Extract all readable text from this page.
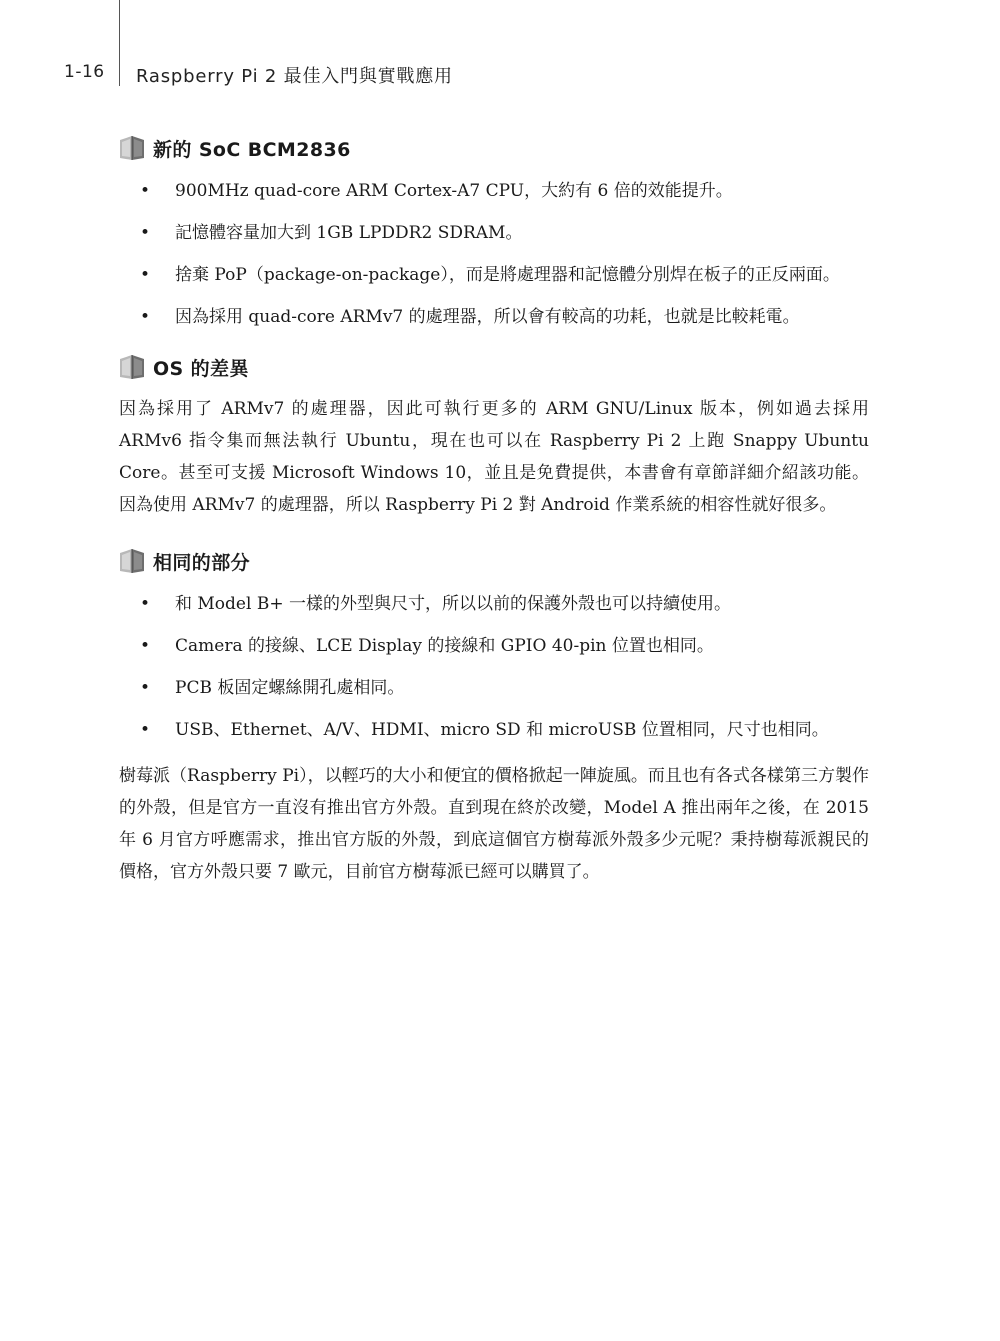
1-16 Raspberry Pi 2 最佳入門與實戰應用
新的 SoC BCM2836
• 900MHz quad-core ARM Cortex-A7 CPU，大約有 6 倍的效能提升。
• 記憶體容量加大到 1GB LPDDR2 SDRAM。
• 捨棄 PoP（package-on-package），而是將處理器和記憶體分別焊在板子的正反兩面。
• 因為採用 quad-core ARMv7 的處理器，所以會有較高的功耗，也就是比較耗電。
OS 的差異

因為採用了 ARMv7 的處理器，因此可執行更多的 ARM GNU/Linux 版本，例如過去採用 ARMv6 指令集而無法執行 Ubuntu，現在也可以在 Raspberry Pi 2 上跑 Snappy Ubuntu Core。甚至可支援 Microsoft Windows 10，並且是免費提供，本書會有章節詳細介紹該功能。因為使用 ARMv7 的處理器，所以 Raspberry Pi 2 對 Android 作業系統的相容性就好很多。

相同的部分
• 和 Model B+ 一樣的外型與尺寸，所以以前的保護外殼也可以持續使用。
• Camera 的接線、LCE Display 的接線和 GPIO 40-pin 位置也相同。
• PCB 板固定螺絲開孔處相同。
• USB、Ethernet、A/V、HDMI、micro SD 和 microUSB 位置相同，尺寸也相同。

樹莓派（Raspberry Pi），以輕巧的大小和便宜的價格掀起一陣旋風。而且也有各式各樣第三方製作的外殼，但是官方一直沒有推出官方外殼。直到現在終於改變，Model A 推出兩年之後，在 2015 年 6 月官方呼應需求，推出官方版的外殼，到底這個官方樹莓派外殼多少元呢？秉持樹莓派親民的價格，官方外殼只要 7 歐元，目前官方樹莓派已經可以購買了。
